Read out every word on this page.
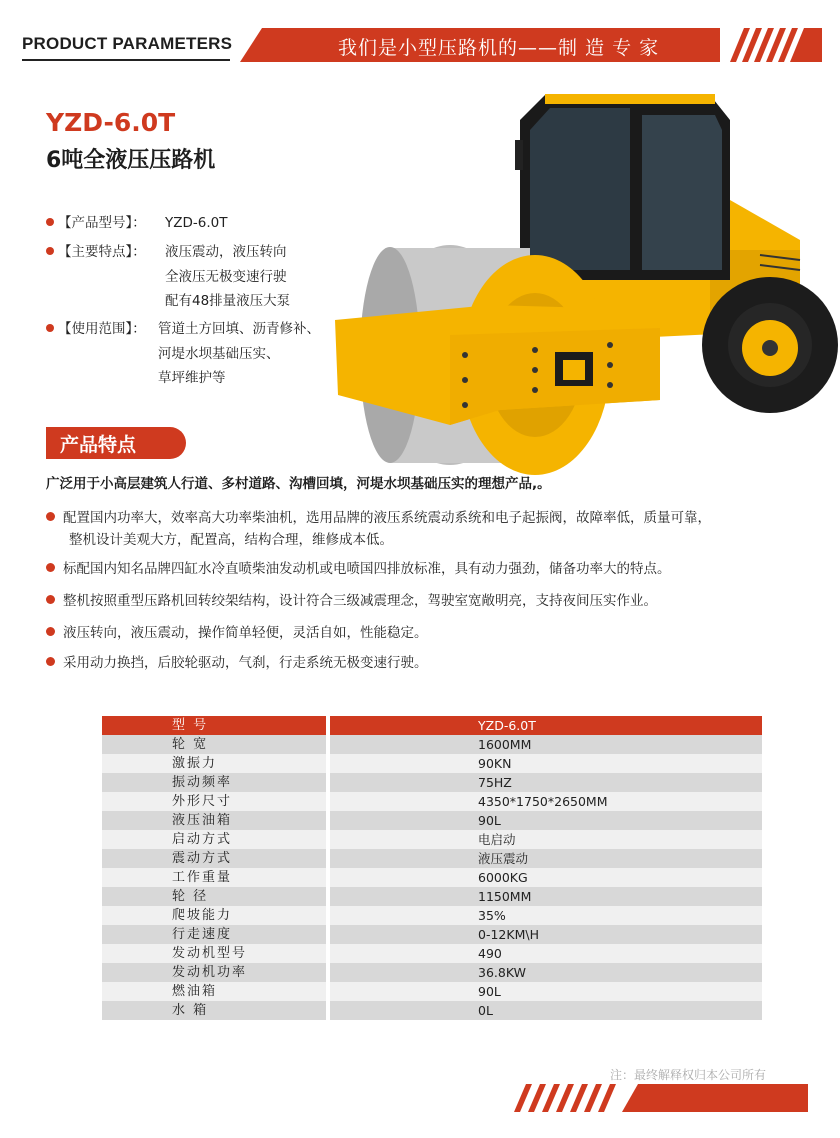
PRODUCT PARAMETERS	我们是小型压路机的——制 造 专 家
YZD-6.0T
6吨全液压压路机
【产品型号】： YZD-6.0T
【主要特点】： 液压震动，液压转向
全液压无极变速行驶
配有48排量液压大泵
【使用范围】： 管道土方回填、沥青修补、
河堤水坝基础压实、
草坪维护等
产品特点
广泛用于小高层建筑人行道、多村道路、沟槽回填，河堤水坝基础压实的理想产品,。
配置国内功率大，效率高大功率柴油机，选用品牌的液压系统震动系统和电子起振阀，故障率低，质量可靠，
整机设计美观大方，配置高，结构合理，维修成本低。
标配国内知名品牌四缸水冷直喷柴油发动机或电喷国四排放标准，具有动力强劲，储备功率大的特点。
整机按照重型压路机回转绞架结构，设计符合三级减震理念，驾驶室宽敞明亮，支持夜间压实作业。
液压转向，液压震动，操作简单轻便，灵活自如，性能稳定。
采用动力换挡，后胶轮驱动，气刹，行走系统无极变速行驶。
型 号	YZD-6.0T
轮 宽	1600MM
激振力	90KN
振动频率	75HZ
外形尺寸	4350*1750*2650MM
液压油箱	90L
启动方式	电启动
震动方式	液压震动
工作重量	6000KG
轮 径	1150MM
爬坡能力	35%
行走速度	0-12KM\H
发动机型号	490
发动机功率	36.8KW
燃油箱	90L
水 箱	0L
注：最终解释权归本公司所有
